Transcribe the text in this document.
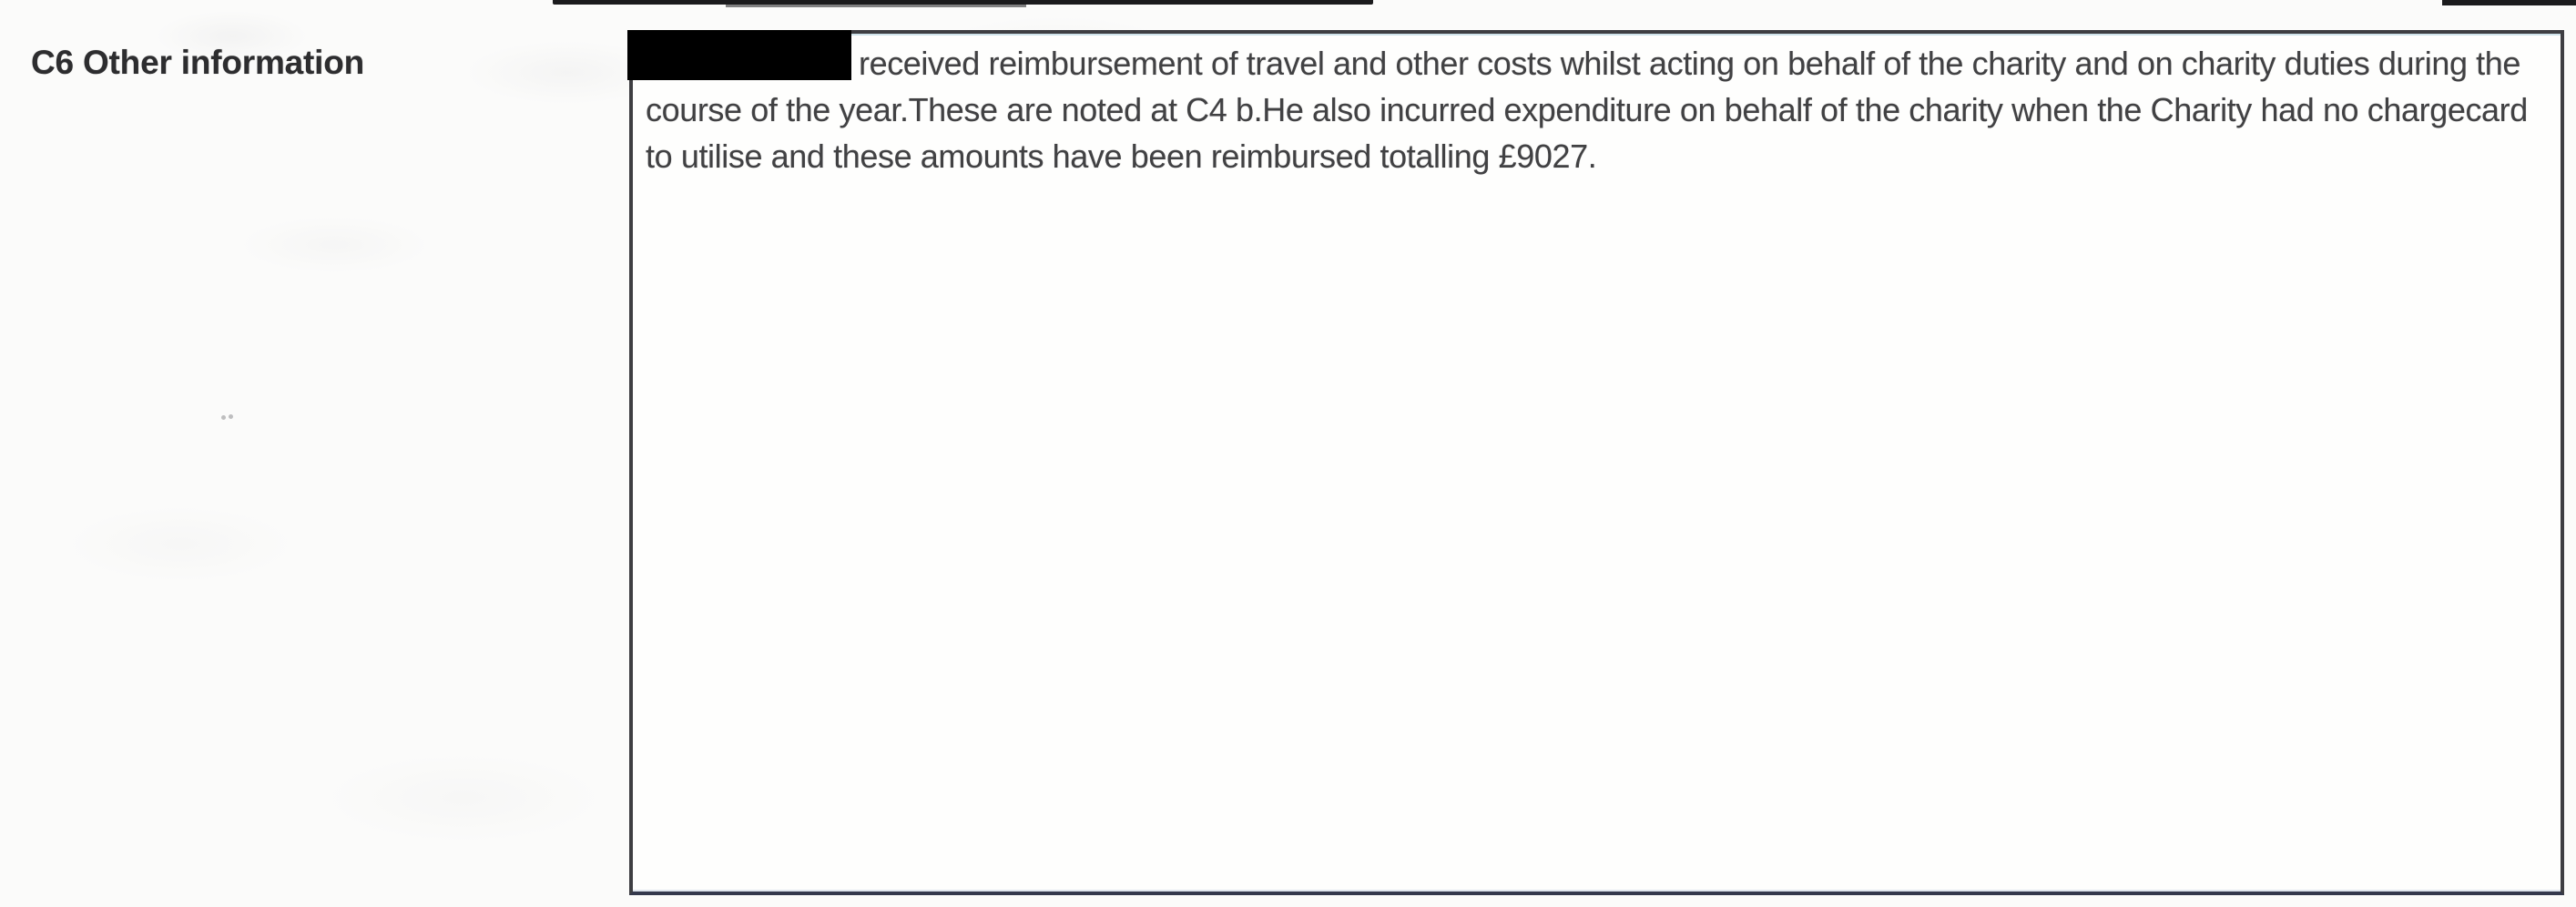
C6 Other information	received reimbursement of travel and other costs whilst acting on behalf of the charity and on charity duties during the course of the year.These are noted at C4 b.He also incurred expenditure on behalf of the charity when the Charity had no chargecard to utilise and these amounts have been reimbursed totalling £9027.
